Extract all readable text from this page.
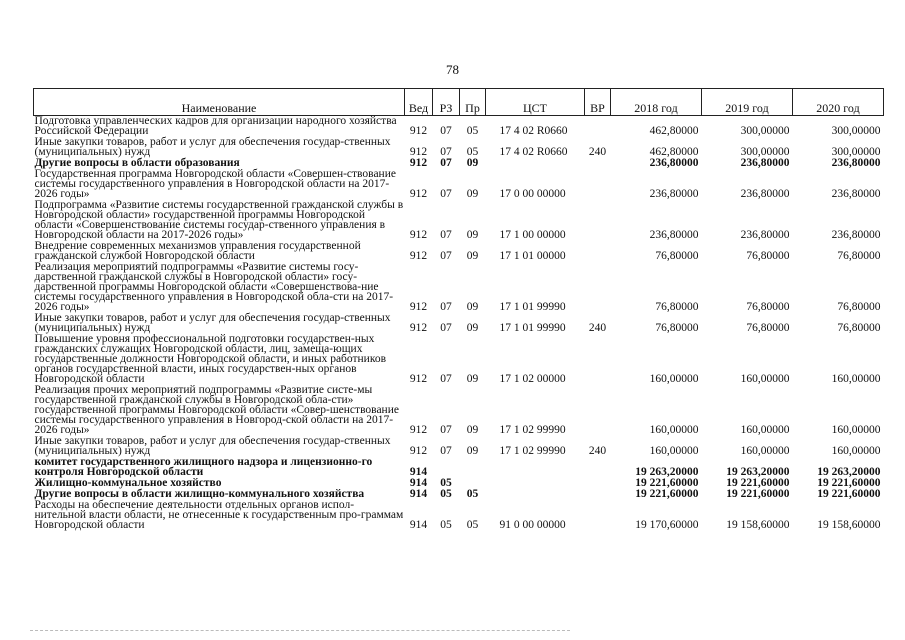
78
Наименование	Вед	РЗ	Пр	ЦСТ	ВР	2018 год	2019 год	2020 год
Подготовка управленческих кадров для организации народного хозяйства Российской Федерации	912	07	05	17 4 02 R0660		462,80000	300,00000	300,00000
Иные закупки товаров, работ и услуг для обеспечения государ-ственных (муниципальных) нужд	912	07	05	17 4 02 R0660	240	462,80000	300,00000	300,00000
Другие вопросы в области образования	912	07	09			236,80000	236,80000	236,80000
Государственная программа Новгородской области «Совершен-ствование системы государственного управления в Новгородской области на 2017-2026 годы»	912	07	09	17 0 00 00000		236,80000	236,80000	236,80000
Подпрограмма «Развитие системы государственной гражданской службы в Новгородской области» государственной программы Новгородской области «Совершенствование системы государ-ственного управления в Новгородской области на 2017-2026 годы»	912	07	09	17 1 00 00000		236,80000	236,80000	236,80000
Внедрение современных механизмов управления государственной гражданской службой Новгородской области	912	07	09	17 1 01 00000		76,80000	76,80000	76,80000
Реализация мероприятий подпрограммы «Развитие системы госу-дарственной гражданской службы в Новгородской области» госу-дарственной программы Новгородской области «Совершенствова-ние системы государственного управления в Новгородской обла-сти на 2017-2026 годы»	912	07	09	17 1 01 99990		76,80000	76,80000	76,80000
Иные закупки товаров, работ и услуг для обеспечения государ-ственных (муниципальных) нужд	912	07	09	17 1 01 99990	240	76,80000	76,80000	76,80000
Повышение уровня профессиональной подготовки государствен-ных гражданских служащих Новгородской области, лиц, замеща-ющих государственные должности Новгородской области, и иных работников органов государственной власти, иных государствен-ных органов Новгородской области	912	07	09	17 1 02 00000		160,00000	160,00000	160,00000
Реализация прочих мероприятий подпрограммы «Развитие систе-мы государственной гражданской службы в Новгородской обла-сти» государственной программы Новгородской области «Совер-шенствование системы государственного управления в Новгород-ской области на 2017-2026 годы»	912	07	09	17 1 02 99990		160,00000	160,00000	160,00000
Иные закупки товаров, работ и услуг для обеспечения государ-ственных (муниципальных) нужд	912	07	09	17 1 02 99990	240	160,00000	160,00000	160,00000
комитет государственного жилищного надзора и лицензионно-го контроля Новгородской области	914					19 263,20000	19 263,20000	19 263,20000
Жилищно-коммунальное хозяйство	914	05				19 221,60000	19 221,60000	19 221,60000
Другие вопросы в области жилищно-коммунального хозяйства	914	05	05			19 221,60000	19 221,60000	19 221,60000
Расходы на обеспечение деятельности отдельных органов испол-нительной власти области, не отнесенные к государственным про-граммам Новгородской области	914	05	05	91 0 00 00000		19 170,60000	19 158,60000	19 158,60000
